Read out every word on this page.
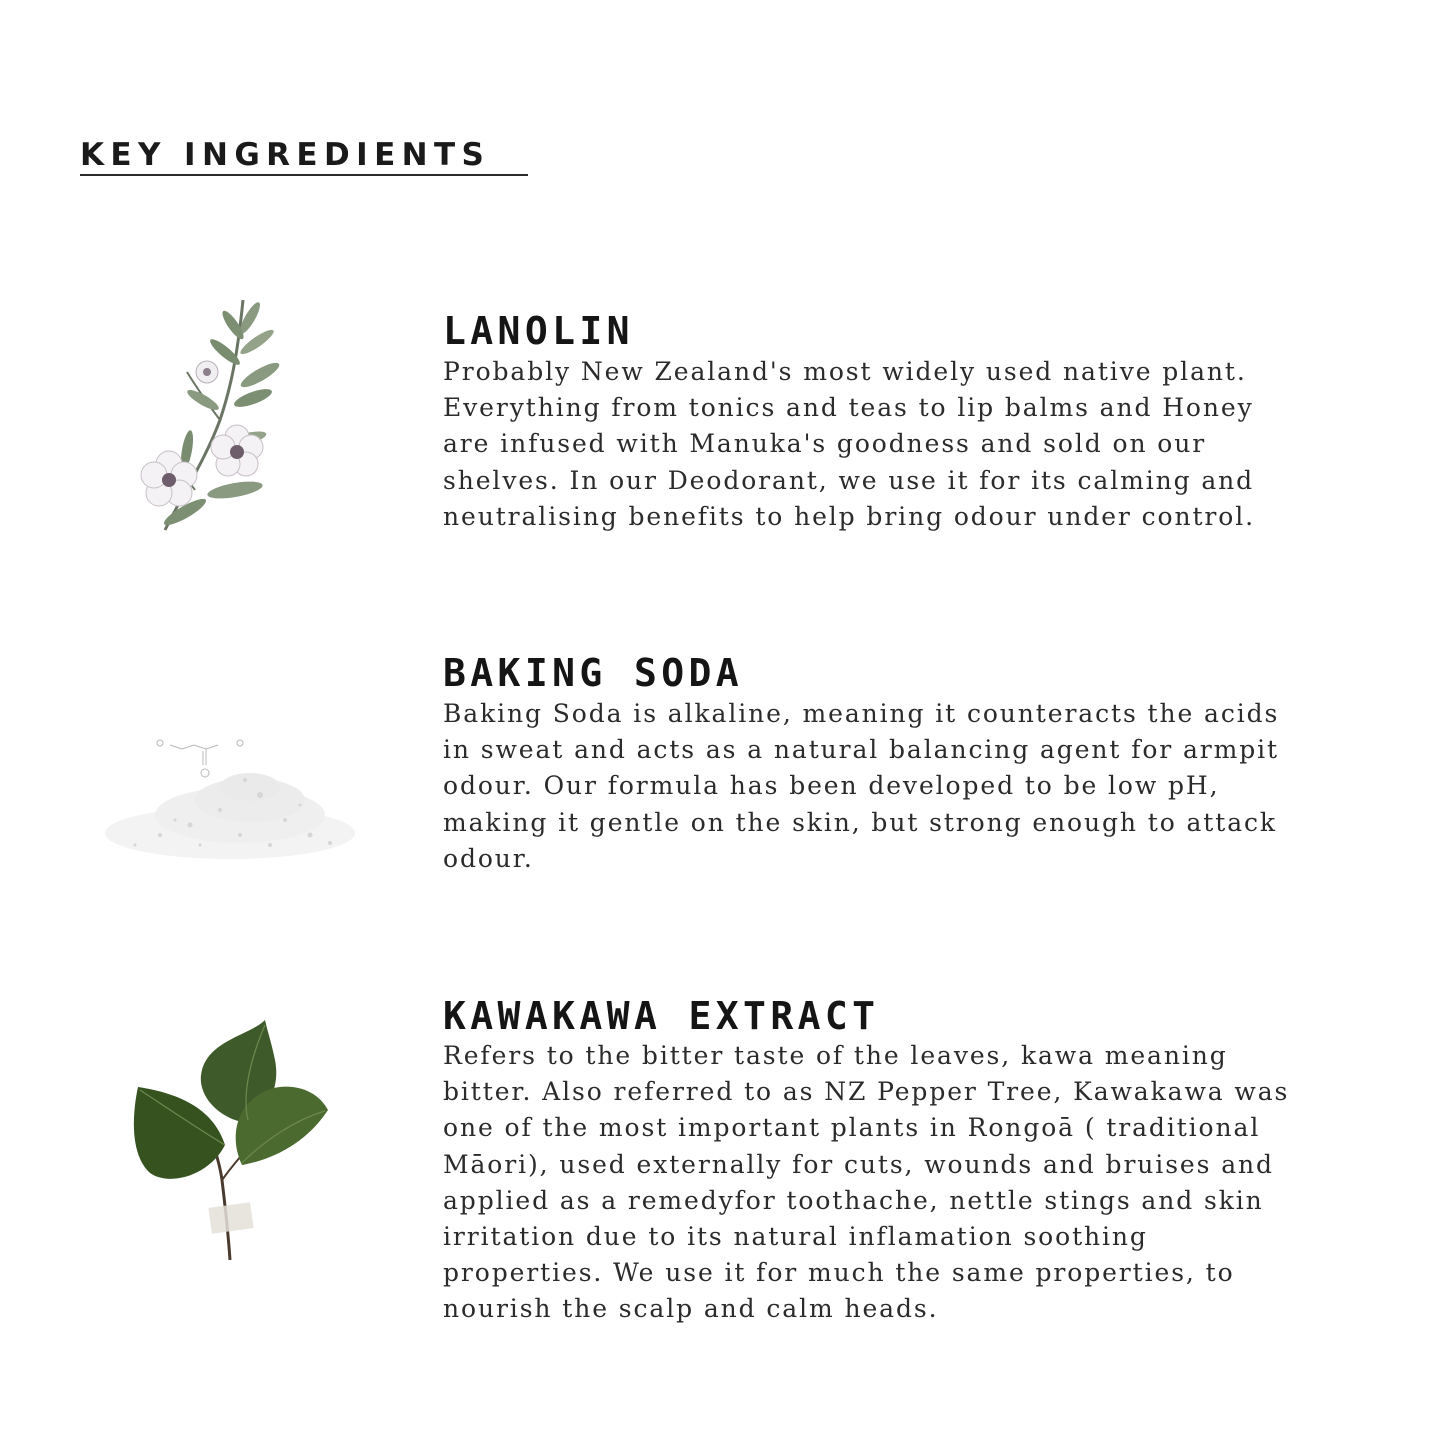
KEY INGREDIENTS
LANOLIN

Probably New Zealand's most widely used native plant.
Everything from tonics and teas to lip balms and Honey
are infused with Manuka's goodness and sold on our
shelves. In our Deodorant, we use it for its calming and
neutralising benefits to help bring odour under control.

BAKING SODA

Baking Soda is alkaline, meaning it counteracts the acids
in sweat and acts as a natural balancing agent for armpit
odour. Our formula has been developed to be low pH,
making it gentle on the skin, but strong enough to attack
odour.

KAWAKAWA EXTRACT

Refers to the bitter taste of the leaves, kawa meaning
bitter. Also referred to as NZ Pepper Tree, Kawakawa was
one of the most important plants in Rongoā ( traditional
Māori), used externally for cuts, wounds and bruises and
applied as a remedyfor toothache, nettle stings and skin
irritation due to its natural inflamation soothing
properties. We use it for much the same properties, to
nourish the scalp and calm heads.
